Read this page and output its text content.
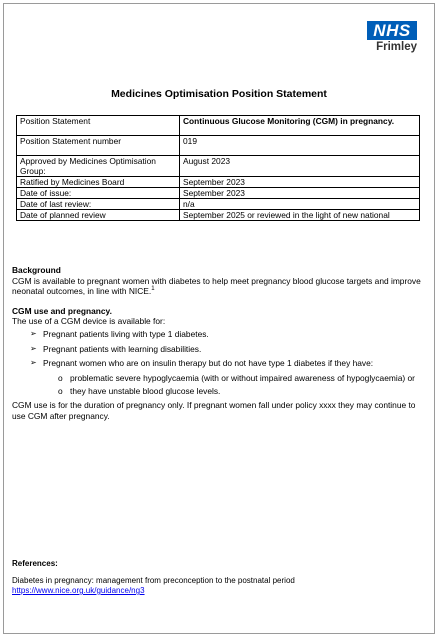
NHS
Frimley
Medicines Optimisation Position Statement
Position Statement	Continuous Glucose Monitoring (CGM) in pregnancy.
Position Statement number	019
Approved by Medicines Optimisation Group:	August 2023
Ratified by Medicines Board	September 2023
Date of issue:	September 2023
Date of last review:	n/a
Date of planned review	September 2025 or reviewed in the light of new national
Background
CGM is available to pregnant women with diabetes to help meet pregnancy blood glucose targets and improve neonatal outcomes, in line with NICE.$^1$
CGM use and pregnancy.
The use of a CGM device is available for:
➢ Pregnant patients living with type 1 diabetes.
➢ Pregnant patients with learning disabilities.
➢ Pregnant women who are on insulin therapy but do not have type 1 diabetes if they have:
o problematic severe hypoglycaemia (with or without impaired awareness of hypoglycaemia) or
o they have unstable blood glucose levels.
CGM use is for the duration of pregnancy only. If pregnant women fall under policy xxxx they may continue to use CGM after pregnancy.
References:
Diabetes in pregnancy: management from preconception to the postnatal period
https://www.nice.org.uk/guidance/ng3
